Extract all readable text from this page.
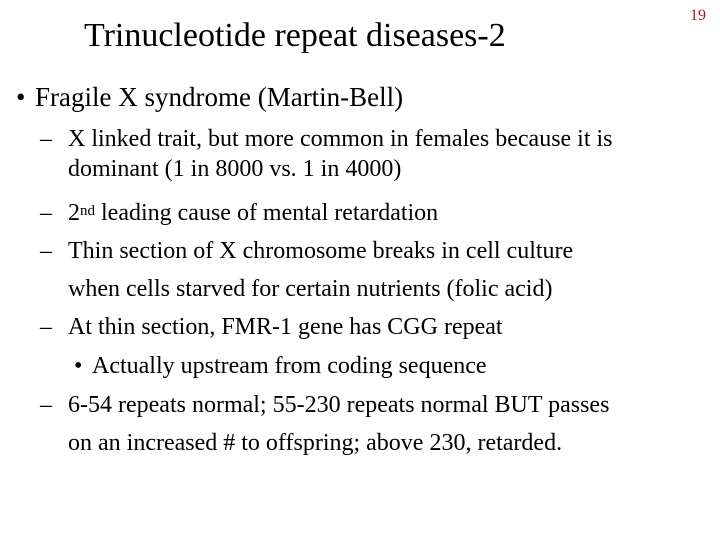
Trinucleotide repeat diseases-2
19
• Fragile X syndrome (Martin-Bell)
– X linked trait, but more common in females because it is
dominant (1 in 8000 vs. 1 in 4000)
– 2nd leading cause of mental retardation
– Thin section of X chromosome breaks in cell culture
when cells starved for certain nutrients (folic acid)
– At thin section, FMR-1 gene has CGG repeat
• Actually upstream from coding sequence
– 6-54 repeats normal; 55-230 repeats normal BUT passes
on an increased # to offspring; above 230, retarded.
